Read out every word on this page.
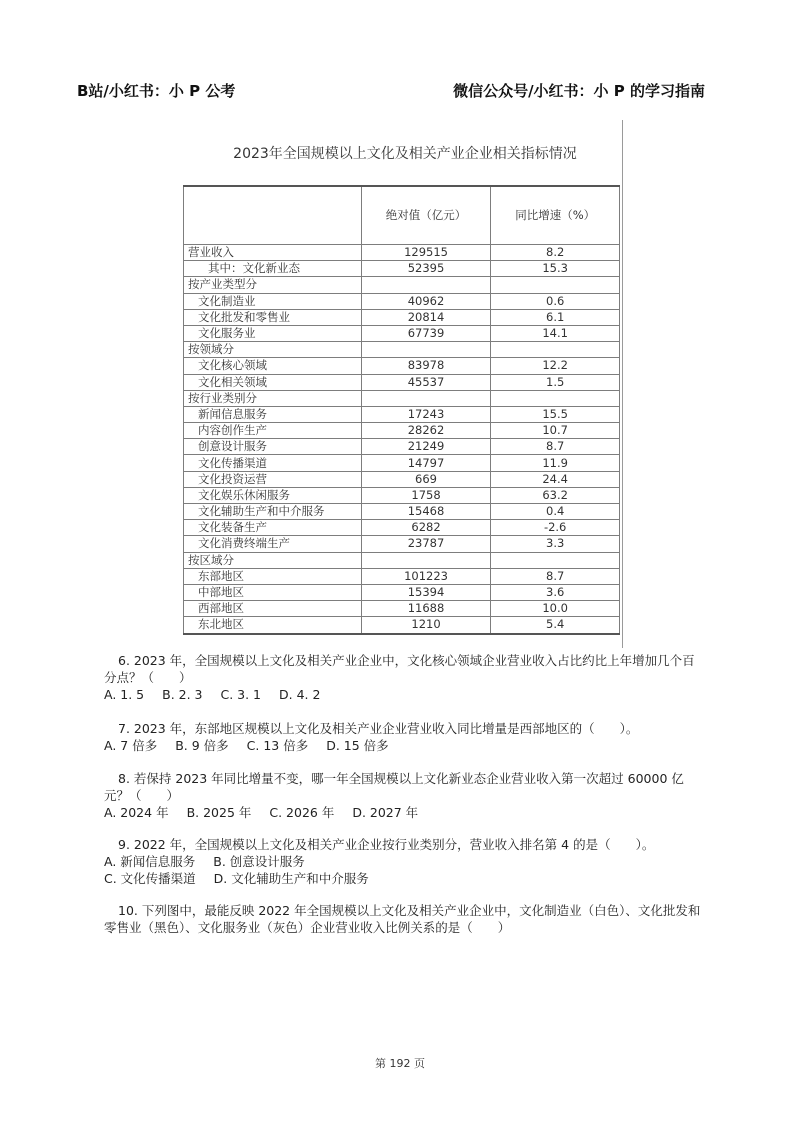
B站/小红书：小 P 公考	微信公众号/小红书：小 P 的学习指南
2023年全国规模以上文化及相关产业企业相关指标情况
	绝对值（亿元）	同比增速（%）
营业收入	129515	8.2
其中：文化新业态	52395	15.3
按产业类型分		
文化制造业	40962	0.6
文化批发和零售业	20814	6.1
文化服务业	67739	14.1
按领域分		
文化核心领域	83978	12.2
文化相关领域	45537	1.5
按行业类别分		
新闻信息服务	17243	15.5
内容创作生产	28262	10.7
创意设计服务	21249	8.7
文化传播渠道	14797	11.9
文化投资运营	669	24.4
文化娱乐休闲服务	1758	63.2
文化辅助生产和中介服务	15468	0.4
文化装备生产	6282	-2.6
文化消费终端生产	23787	3.3
按区域分		
东部地区	101223	8.7
中部地区	15394	3.6
西部地区	11688	10.0
东北地区	1210	5.4

6. 2023 年，全国规模以上文化及相关产业企业中，文化核心领域企业营业收入占比约比上年增加几个百分点？（　　）

A. 1. 5 B. 2. 3 C. 3. 1 D. 4. 2

7. 2023 年，东部地区规模以上文化及相关产业企业营业收入同比增量是西部地区的（　　）。

A. 7 倍多 B. 9 倍多 C. 13 倍多 D. 15 倍多

8. 若保持 2023 年同比增量不变，哪一年全国规模以上文化新业态企业营业收入第一次超过 60000 亿元？（　　）

A. 2024 年 B. 2025 年 C. 2026 年 D. 2027 年

9. 2022 年，全国规模以上文化及相关产业企业按行业类别分，营业收入排名第 4 的是（　　）。

A. 新闻信息服务 B. 创意设计服务
C. 文化传播渠道 D. 文化辅助生产和中介服务

10. 下列图中，最能反映 2022 年全国规模以上文化及相关产业企业中，文化制造业（白色）、文化批发和零售业（黑色）、文化服务业（灰色）企业营业收入比例关系的是（　　）

第 192 页
